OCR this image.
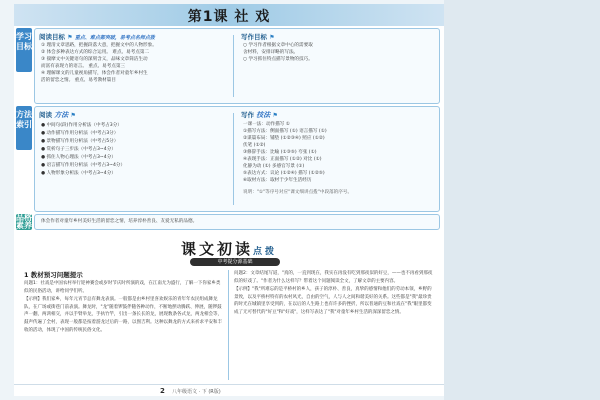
第1课 社 戏
学习目标
阅读目标 ⚑ 重点、难点都突破，易考点名师点拨
① 理清文章思路，把握段落大意，把握文中的人物形象。
② 体会多种表达方式的综合运用。 难点、易考点第二
③ 揣摩文中关键语句的深刻含义，品味文章简洁生动
而富有表现力的语言。 重点、易考点第三
④ 理解课文的儿童视角描写，体会作者对童年乡村生
活的留恋之情。 重点、易考教材篇目
写作目标 ⚑
○ 学习作者根据文章中心的需要取
舍材料，安排详略的写法。
○ 学习抓住特点描写景物的技巧。
方法索引
阅读 方法 ⚑
● 中间句(段)作用分析法（中考占3分）
● 动作描写作用分析法（中考占3分）
● 景物描写作用分析法（中考占5分）
● 赏析句子三步法（中考占3~4分）
● 抓住人物心理法（中考占3~4分）
● 语言描写作用分析法（中考占3~4分）
● 人物形象分析法（中考占3~4分）
写作 技法 ⚑
一课一法：动作描写 ①
①描写方法：侧面描写 (①) 语言描写 (①)
②谋篇布局：铺垫 (①②③④) 照应 (①②)
伏笔 (①②)
③修辞手法：比喻 (①③⑤) 夸张 (①)
④表现手法：正面描写 (①②) 对比 (①)
化静为动 (①) 多感官写景 (①)
⑤表达方式：议论 (①②④) 描写 (①②⑤)
⑥取材方法：取材于少年生活经历
说明："①"等序号对应"课文细讲点拨"中段落的序号。
品格素养 体会作者对童年乡村美好生活的留恋之情，培养淳朴善良、友爱无私的品德。
课文初读点拨
中考提分源基础
1 教材预习问题提示

问题1：社戏是中国农村举行迎神赛会或岁时节庆时所演的戏，在江南尤为盛行，了解一下你家乡类似的民俗活动，讲给同学们听。

【示例】我们家乡，每年元宵节总有舞龙表演。一般都是由乡村里喜欢娱乐的青年年农民组成舞龙队，在广场或街巷门前表演。舞龙时，"龙"随着锣鼓伴随各种动作，不断地摆动腾跃、伸展，随锣鼓声一翻，两鸿相交，并以手臂举龙，手执竹竿，引出一条长长的龙，展现数条各式龙，两龙相会等，鼓声传遍了全村，表现一般都是按着游龙过后的一路，以图吉利。这种以舞龙的方式来祈求平安和丰收的活动，体现了中国的传统民俗文化。

问题2：文章结尾写道，"真的，一直到现在，我实在再没有吃到那夜似的好豆，——也不再看到那夜似的好戏了。"作者为什么这样写？带着这个问题阅读全文，了解文章的主要内容。

【示例】"我"所难忘的是平桥村的乡人，孩子的淳朴、善良，真挚的感情和他们的劳动本领，乡野的景致，以及平桥村特有的农村风光，自由的空气，人与人之间和谐美好的关系。这些都是"我"最珍贵的时光在城镇里享受到的，在以后的人生路上也有许多的挫折，所以普通的豆和社戏在"我"眼里都变成了无可替代的"好豆"和"好戏"，这样写表达了"我"对童年乡村生活的深深留恋之情。

2 八年级语文 · 下 (R版)
